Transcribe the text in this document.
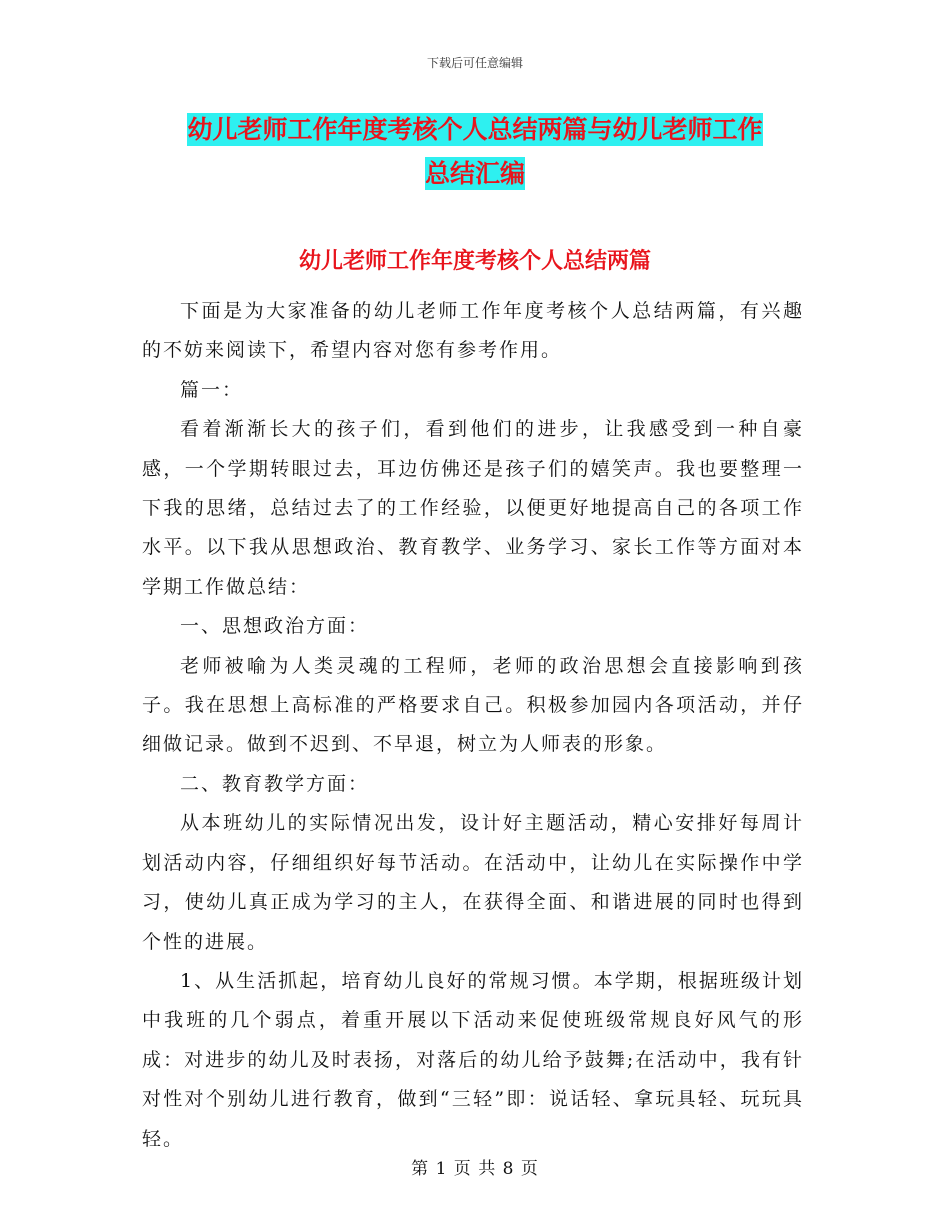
下载后可任意编辑
幼儿老师工作年度考核个人总结两篇与幼儿老师工作
总结汇编
幼儿老师工作年度考核个人总结两篇

下面是为大家准备的幼儿老师工作年度考核个人总结两篇，有兴趣的不妨来阅读下，希望内容对您有参考作用。

篇一：

看着渐渐长大的孩子们，看到他们的进步，让我感受到一种自豪感，一个学期转眼过去，耳边仿佛还是孩子们的嬉笑声。我也要整理一下我的思绪，总结过去了的工作经验，以便更好地提高自己的各项工作水平。以下我从思想政治、教育教学、业务学习、家长工作等方面对本学期工作做总结：

一、思想政治方面：

老师被喻为人类灵魂的工程师，老师的政治思想会直接影响到孩子。我在思想上高标准的严格要求自己。积极参加园内各项活动，并仔细做记录。做到不迟到、不早退，树立为人师表的形象。

二、教育教学方面：

从本班幼儿的实际情况出发，设计好主题活动，精心安排好每周计划活动内容，仔细组织好每节活动。在活动中，让幼儿在实际操作中学习，使幼儿真正成为学习的主人，在获得全面、和谐进展的同时也得到个性的进展。

1、从生活抓起，培育幼儿良好的常规习惯。本学期，根据班级计划中我班的几个弱点，着重开展以下活动来促使班级常规良好风气的形成：对进步的幼儿及时表扬，对落后的幼儿给予鼓舞;在活动中，我有针对性对个别幼儿进行教育，做到“三轻”即：说话轻、拿玩具轻、玩玩具轻。

第 1 页 共 8 页
